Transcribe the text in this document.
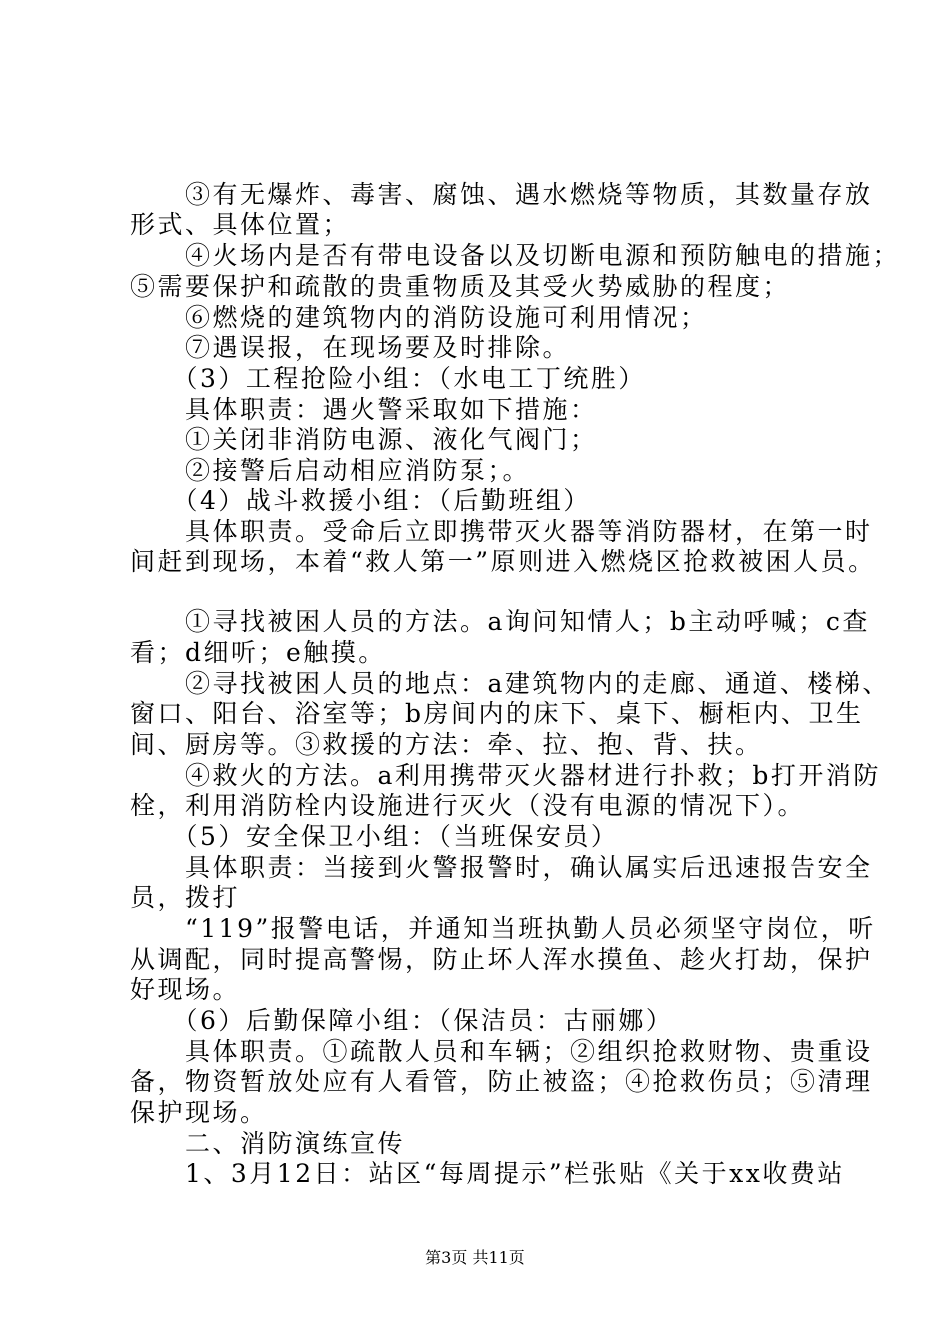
　　③有无爆炸、毒害、腐蚀、遇水燃烧等物质，其数量存放

形式、具体位置；

　　④火场内是否有带电设备以及切断电源和预防触电的措施；

⑤需要保护和疏散的贵重物质及其受火势威胁的程度；

　　⑥燃烧的建筑物内的消防设施可利用情况；

　　⑦遇误报，在现场要及时排除。

　　（3）工程抢险小组：（水电工丁统胜）

　　具体职责：遇火警采取如下措施：

　　①关闭非消防电源、液化气阀门；

　　②接警后启动相应消防泵；。

　　（4）战斗救援小组：（后勤班组）

　　具体职责。受命后立即携带灭火器等消防器材，在第一时

间赶到现场，本着“救人第一”原则进入燃烧区抢救被困人员。

　　①寻找被困人员的方法。a询问知情人；b主动呼喊；c查

看；d细听；e触摸。

　　②寻找被困人员的地点：a建筑物内的走廊、通道、楼梯、

窗口、阳台、浴室等；b房间内的床下、桌下、橱柜内、卫生

间、厨房等。③救援的方法：牵、拉、抱、背、扶。

　　④救火的方法。a利用携带灭火器材进行扑救；b打开消防

栓，利用消防栓内设施进行灭火（没有电源的情况下）。

　　（5）安全保卫小组：（当班保安员）

　　具体职责：当接到火警报警时，确认属实后迅速报告安全

员，拨打

　　“119”报警电话，并通知当班执勤人员必须坚守岗位，听

从调配，同时提高警惕，防止坏人浑水摸鱼、趁火打劫，保护

好现场。

　　（6）后勤保障小组：（保洁员：古丽娜）

　　具体职责。①疏散人员和车辆；②组织抢救财物、贵重设

备，物资暂放处应有人看管，防止被盗；④抢救伤员；⑤清理

保护现场。

　　二、消防演练宣传

　　1、3月12日：站区“每周提示”栏张贴《关于xx收费站

第3页 共11页
